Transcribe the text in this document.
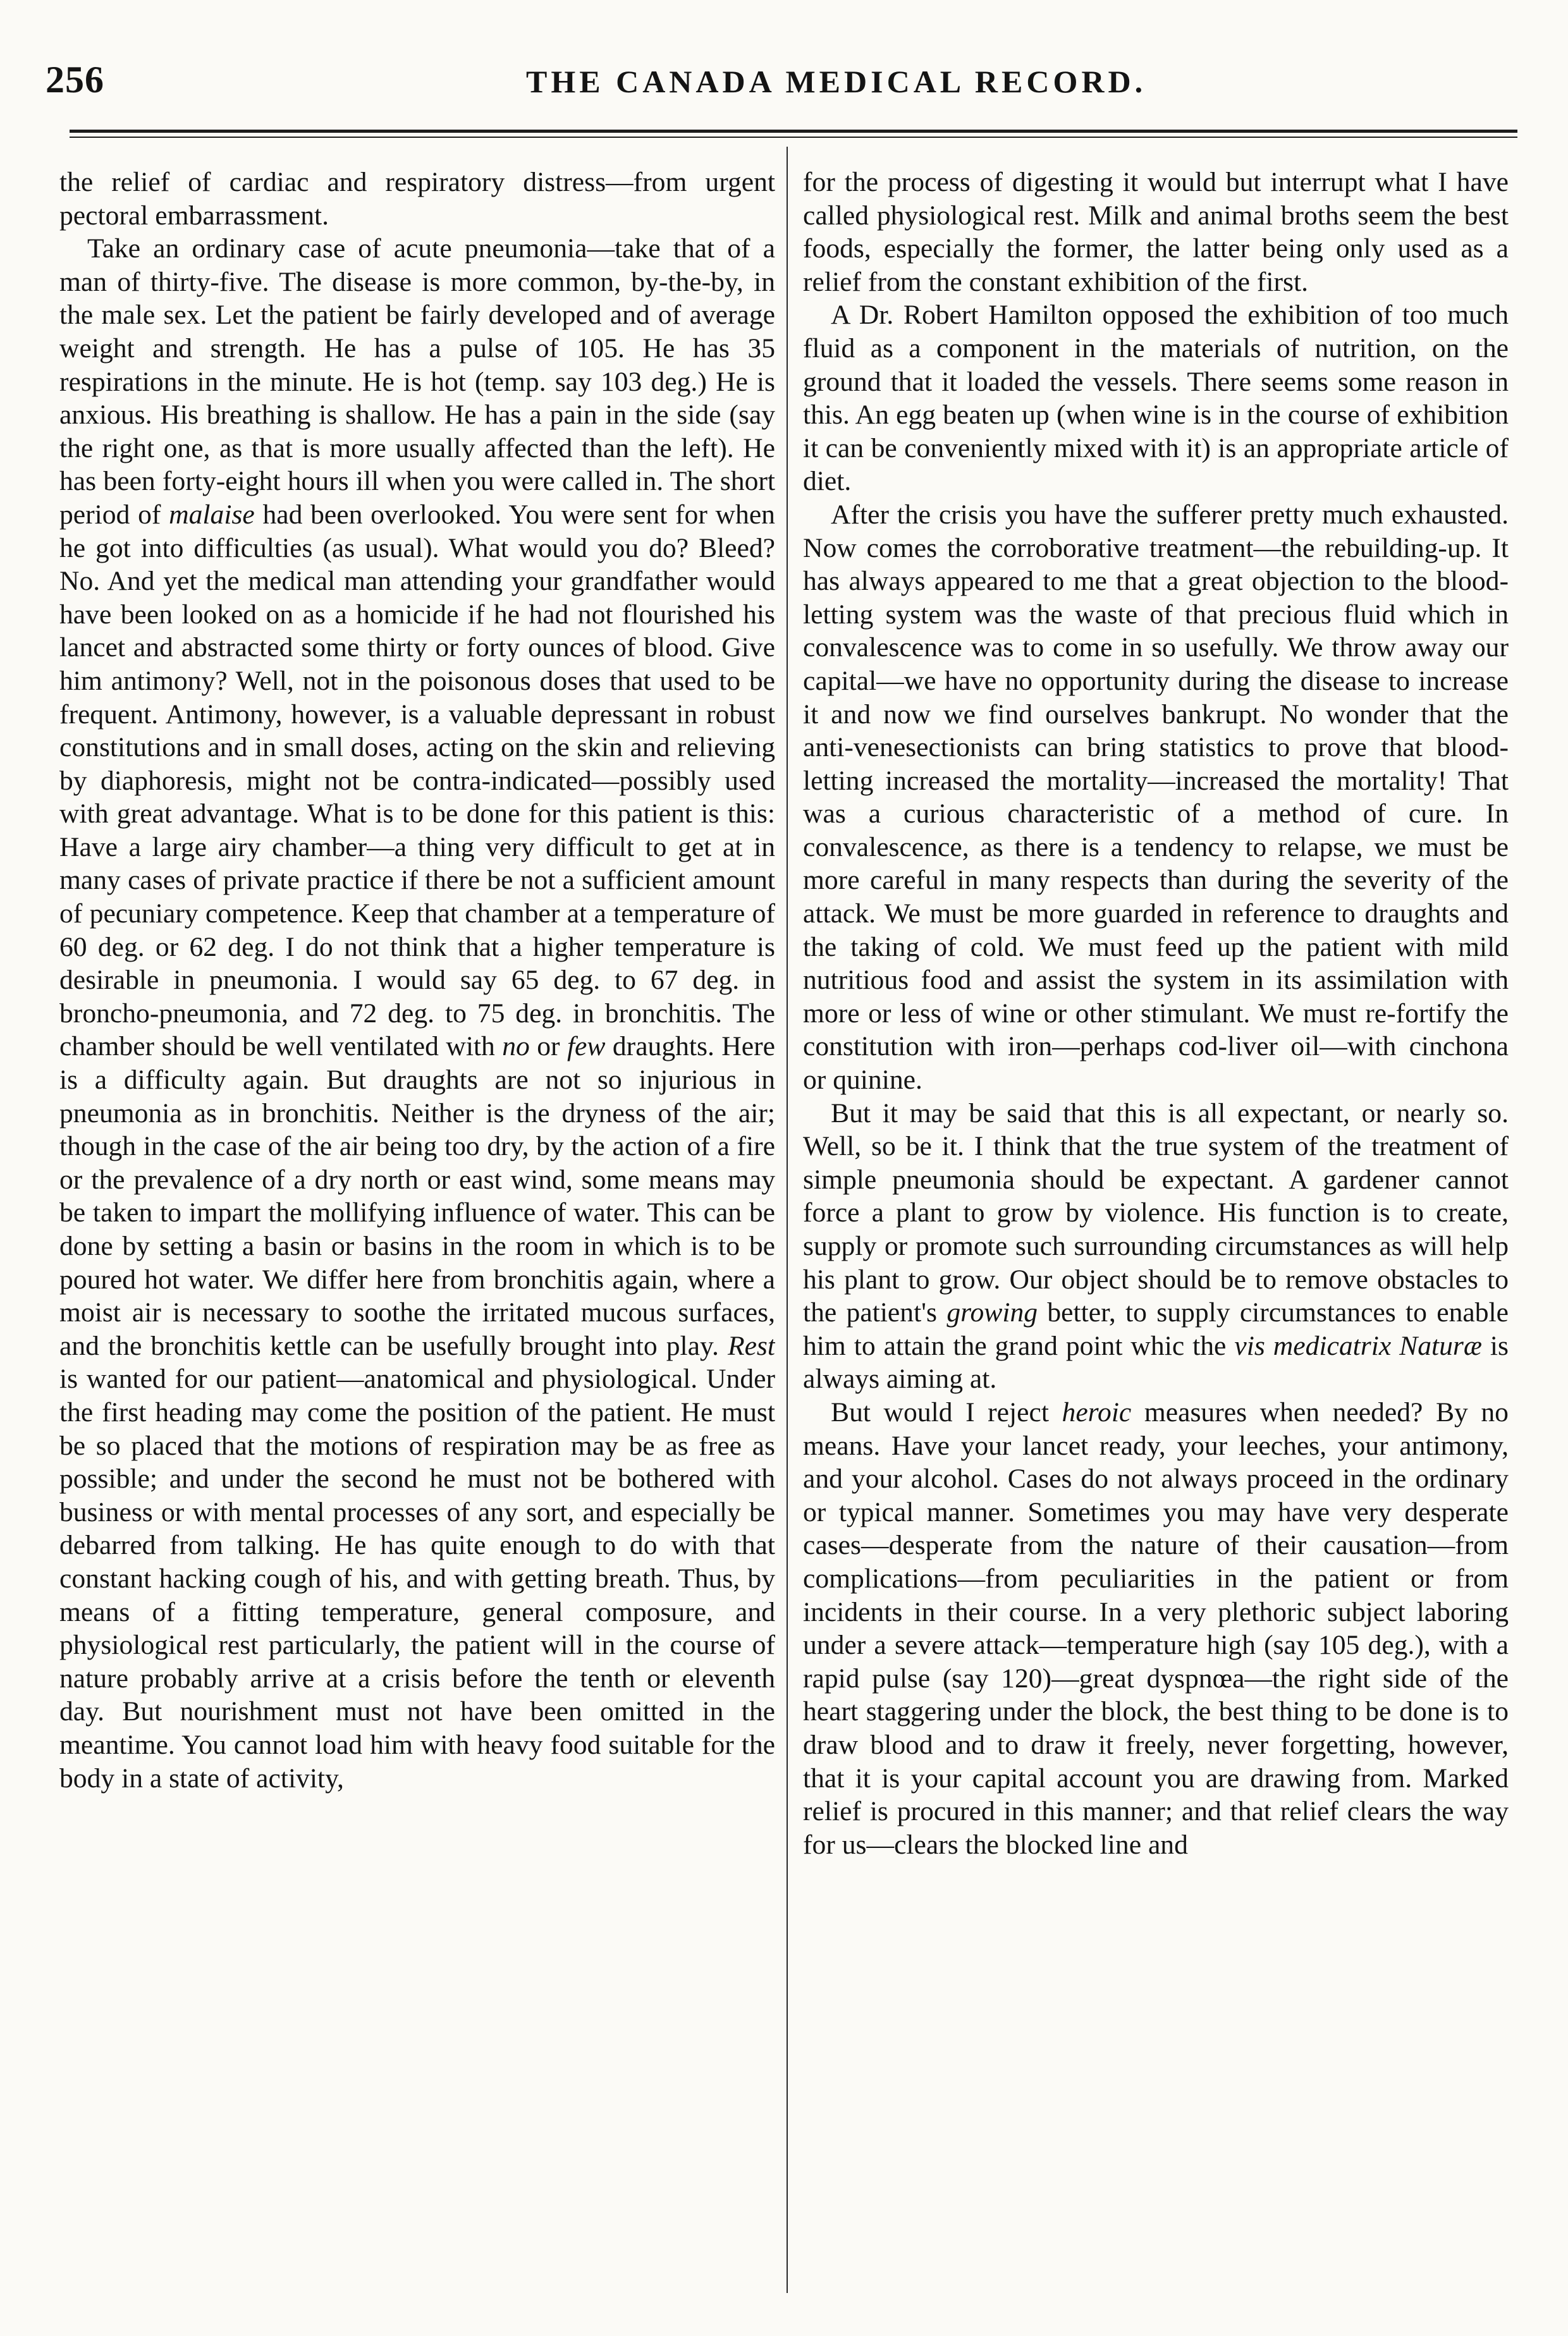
256	THE CANADA MEDICAL RECORD.

the relief of cardiac and respiratory distress—from urgent pectoral embarrassment.

Take an ordinary case of acute pneumonia—take that of a man of thirty-five. The disease is more common, by-the-by, in the male sex. Let the patient be fairly developed and of average weight and strength. He has a pulse of 105. He has 35 respirations in the minute. He is hot (temp. say 103 deg.) He is anxious. His breathing is shallow. He has a pain in the side (say the right one, as that is more usually affected than the left). He has been forty-eight hours ill when you were called in. The short period of malaise had been overlooked. You were sent for when he got into difficulties (as usual). What would you do? Bleed? No. And yet the medical man attending your grandfather would have been looked on as a homicide if he had not flourished his lancet and abstracted some thirty or forty ounces of blood. Give him antimony? Well, not in the poisonous doses that used to be frequent. Antimony, however, is a valuable depressant in robust constitutions and in small doses, acting on the skin and relieving by diaphoresis, might not be contra-indicated—possibly used with great advantage. What is to be done for this patient is this: Have a large airy chamber—a thing very difficult to get at in many cases of private practice if there be not a sufficient amount of pecuniary competence. Keep that chamber at a temperature of 60 deg. or 62 deg. I do not think that a higher temperature is desirable in pneumonia. I would say 65 deg. to 67 deg. in broncho-pneumonia, and 72 deg. to 75 deg. in bronchitis. The chamber should be well ventilated with no or few draughts. Here is a difficulty again. But draughts are not so injurious in pneumonia as in bronchitis. Neither is the dryness of the air; though in the case of the air being too dry, by the action of a fire or the prevalence of a dry north or east wind, some means may be taken to impart the mollifying influence of water. This can be done by setting a basin or basins in the room in which is to be poured hot water. We differ here from bronchitis again, where a moist air is necessary to soothe the irritated mucous surfaces, and the bronchitis kettle can be usefully brought into play. Rest is wanted for our patient—anatomical and physiological. Under the first heading may come the position of the patient. He must be so placed that the motions of respiration may be as free as possible; and under the second he must not be bothered with business or with mental processes of any sort, and especially be debarred from talking. He has quite enough to do with that constant hacking cough of his, and with getting breath. Thus, by means of a fitting temperature, general composure, and physiological rest particularly, the patient will in the course of nature probably arrive at a crisis before the tenth or eleventh day. But nourishment must not have been omitted in the meantime. You cannot load him with heavy food suitable for the body in a state of activity,

for the process of digesting it would but interrupt what I have called physiological rest. Milk and animal broths seem the best foods, especially the former, the latter being only used as a relief from the constant exhibition of the first.

A Dr. Robert Hamilton opposed the exhibition of too much fluid as a component in the materials of nutrition, on the ground that it loaded the vessels. There seems some reason in this. An egg beaten up (when wine is in the course of exhibition it can be conveniently mixed with it) is an appropriate article of diet.

After the crisis you have the sufferer pretty much exhausted. Now comes the corroborative treatment—the rebuilding-up. It has always appeared to me that a great objection to the blood-letting system was the waste of that precious fluid which in convalescence was to come in so usefully. We throw away our capital—we have no opportunity during the disease to increase it and now we find ourselves bankrupt. No wonder that the anti-venesectionists can bring statistics to prove that blood-letting increased the mortality—increased the mortality! That was a curious characteristic of a method of cure. In convalescence, as there is a tendency to relapse, we must be more careful in many respects than during the severity of the attack. We must be more guarded in reference to draughts and the taking of cold. We must feed up the patient with mild nutritious food and assist the system in its assimilation with more or less of wine or other stimulant. We must re-fortify the constitution with iron—perhaps cod-liver oil—with cinchona or quinine.

But it may be said that this is all expectant, or nearly so. Well, so be it. I think that the true system of the treatment of simple pneumonia should be expectant. A gardener cannot force a plant to grow by violence. His function is to create, supply or promote such surrounding circumstances as will help his plant to grow. Our object should be to remove obstacles to the patient's growing better, to supply circumstances to enable him to attain the grand point whic the vis medicatrix Naturæ is always aiming at.

But would I reject heroic measures when needed? By no means. Have your lancet ready, your leeches, your antimony, and your alcohol. Cases do not always proceed in the ordinary or typical manner. Sometimes you may have very desperate cases—desperate from the nature of their causation—from complications—from peculiarities in the patient or from incidents in their course. In a very plethoric subject laboring under a severe attack—temperature high (say 105 deg.), with a rapid pulse (say 120)—great dyspnœa—the right side of the heart staggering under the block, the best thing to be done is to draw blood and to draw it freely, never forgetting, however, that it is your capital account you are drawing from. Marked relief is procured in this manner; and that relief clears the way for us—clears the blocked line and
